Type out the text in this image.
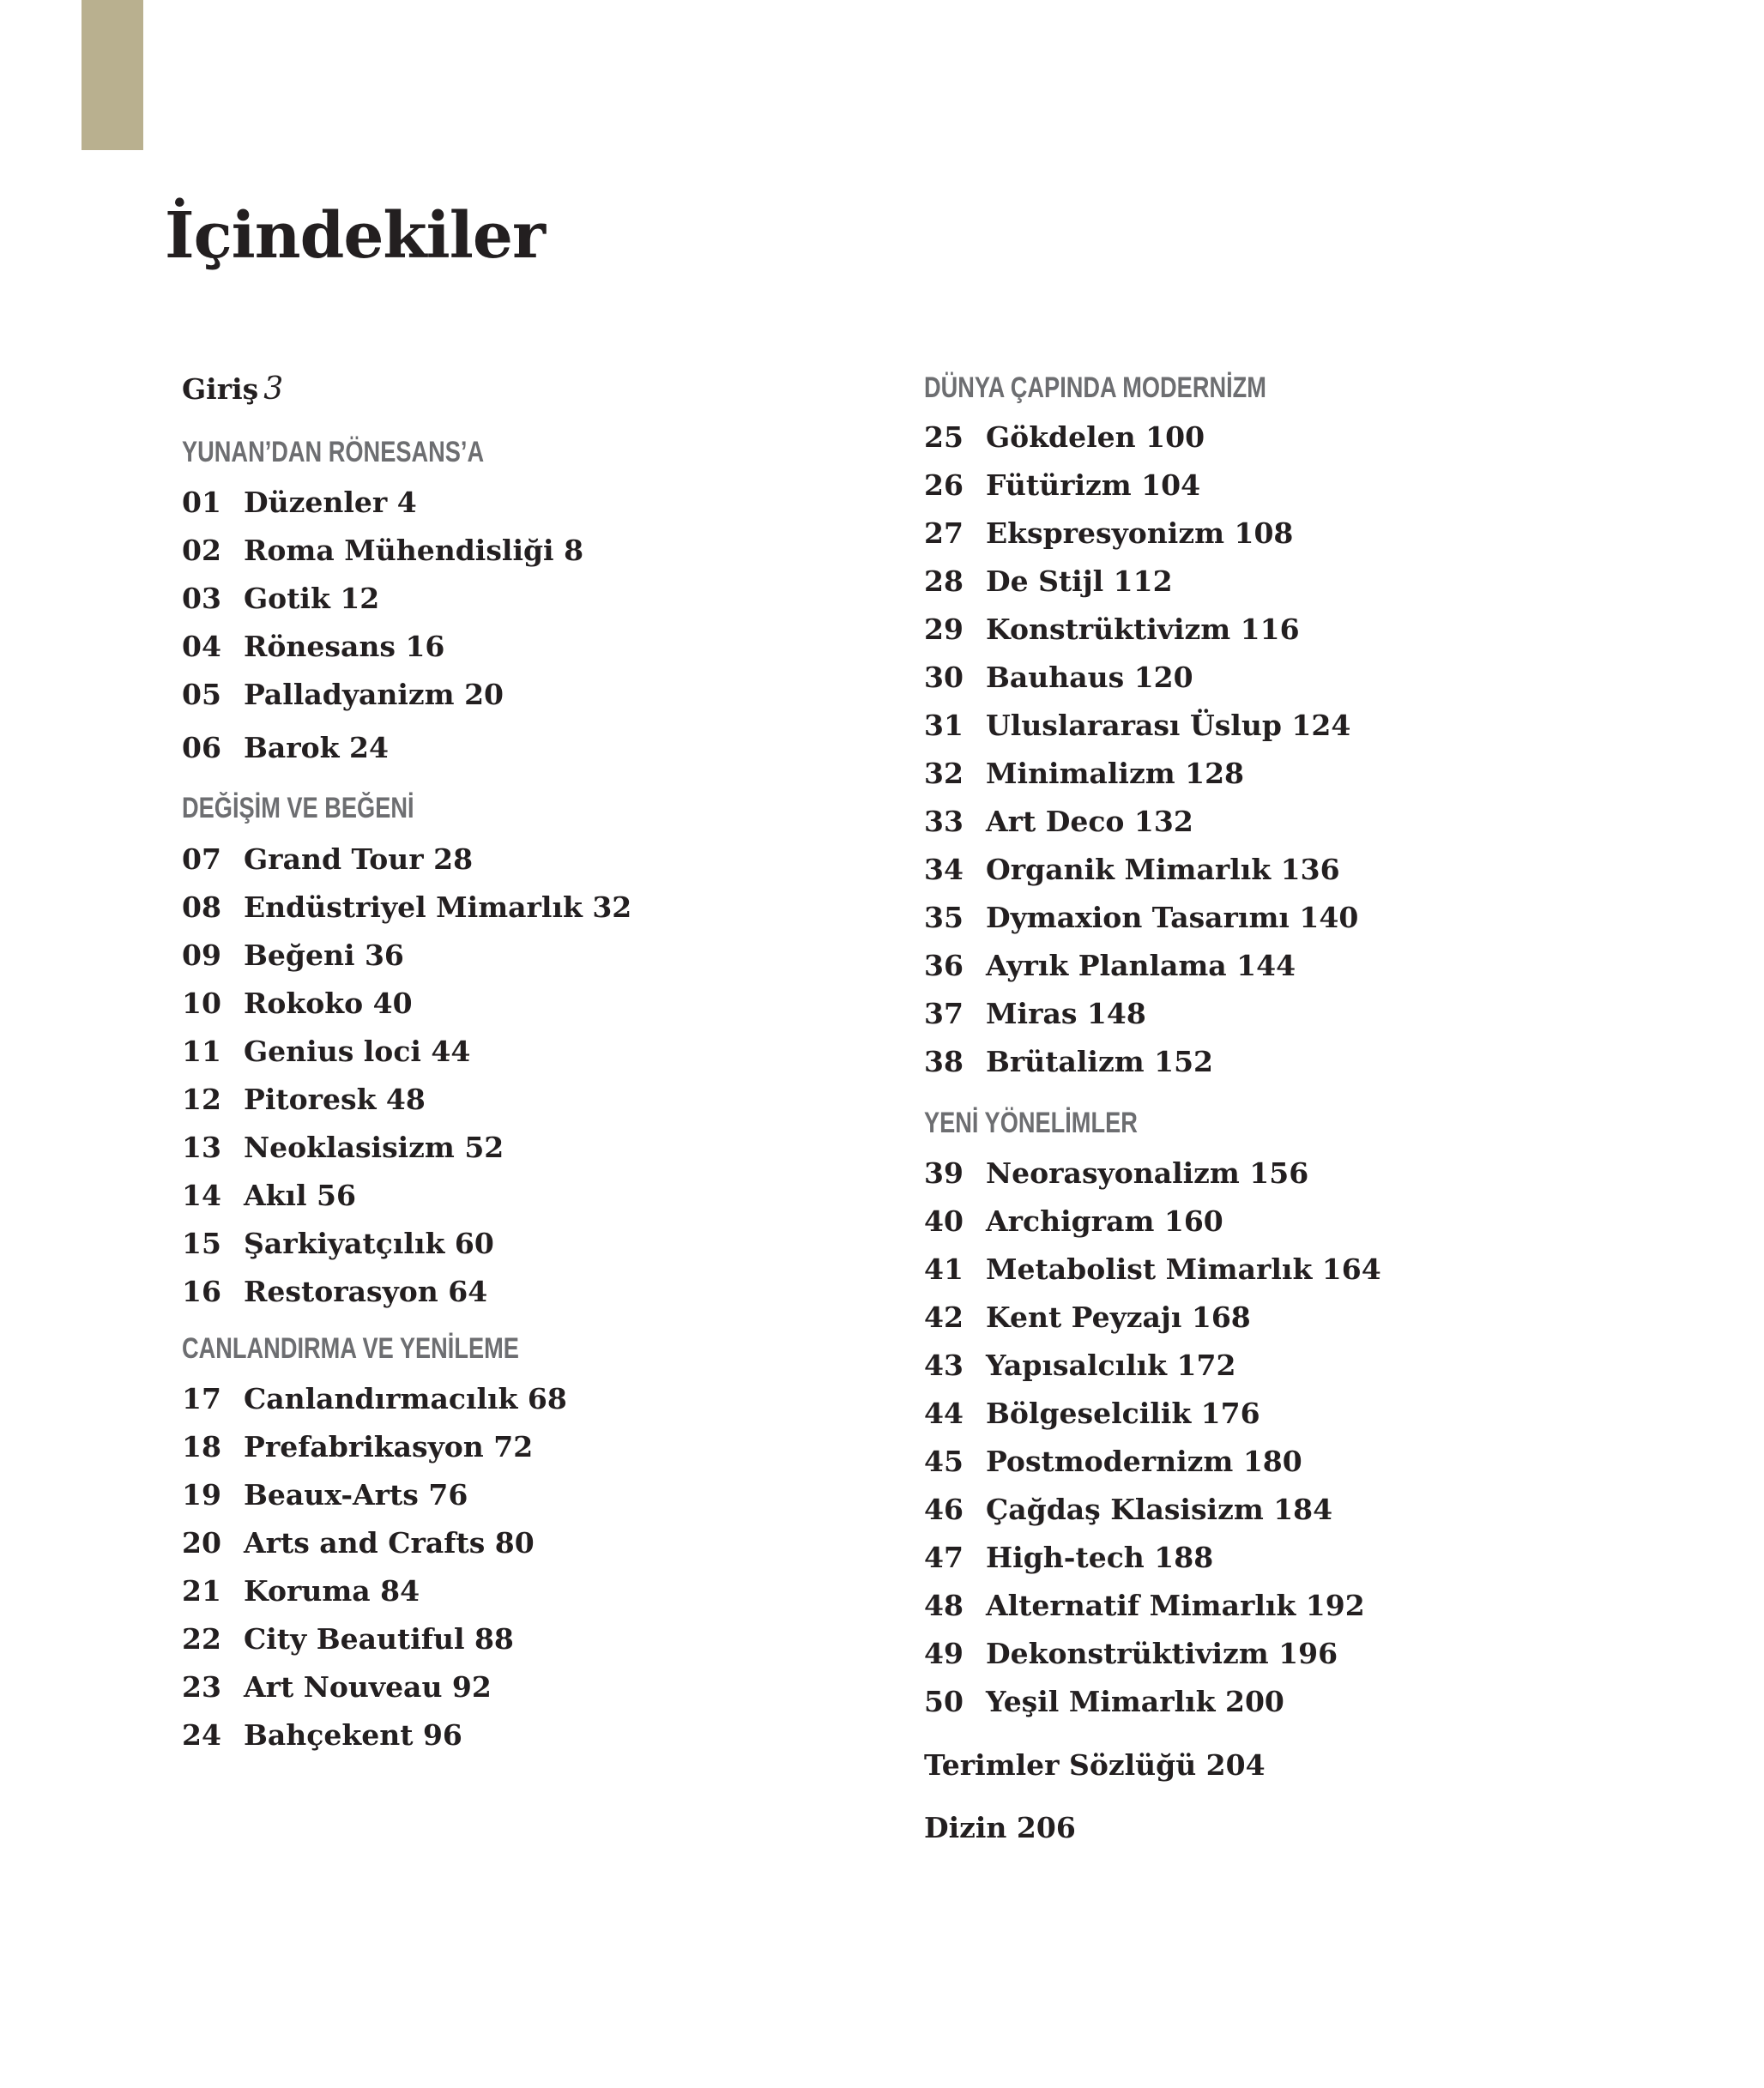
İçindekiler
Giriş 3
YUNAN’DAN RÖNESANS’A
01 Düzenler 4
02 Roma Mühendisliği 8
03 Gotik 12
04 Rönesans 16
05 Palladyanizm 20
06 Barok 24
DEĞİŞİM VE BEĞENİ
07 Grand Tour 28
08 Endüstriyel Mimarlık 32
09 Beğeni 36
10 Rokoko 40
11 Genius loci 44
12 Pitoresk 48
13 Neoklasisizm 52
14 Akıl 56
15 Şarkiyatçılık 60
16 Restorasyon 64
CANLANDIRMA VE YENİLEME
17 Canlandırmacılık 68
18 Prefabrikasyon 72
19 Beaux-Arts 76
20 Arts and Crafts 80
21 Koruma 84
22 City Beautiful 88
23 Art Nouveau 92
24 Bahçekent 96
DÜNYA ÇAPINDA MODERNİZM
25 Gökdelen 100
26 Fütürizm 104
27 Ekspresyonizm 108
28 De Stijl 112
29 Konstrüktivizm 116
30 Bauhaus 120
31 Uluslararası Üslup 124
32 Minimalizm 128
33 Art Deco 132
34 Organik Mimarlık 136
35 Dymaxion Tasarımı 140
36 Ayrık Planlama 144
37 Miras 148
38 Brütalizm 152
YENİ YÖNELİMLER
39 Neorasyonalizm 156
40 Archigram 160
41 Metabolist Mimarlık 164
42 Kent Peyzajı 168
43 Yapısalcılık 172
44 Bölgeselcilik 176
45 Postmodernizm 180
46 Çağdaş Klasisizm 184
47 High-tech 188
48 Alternatif Mimarlık 192
49 Dekonstrüktivizm 196
50 Yeşil Mimarlık 200
Terimler Sözlüğü 204
Dizin 206
